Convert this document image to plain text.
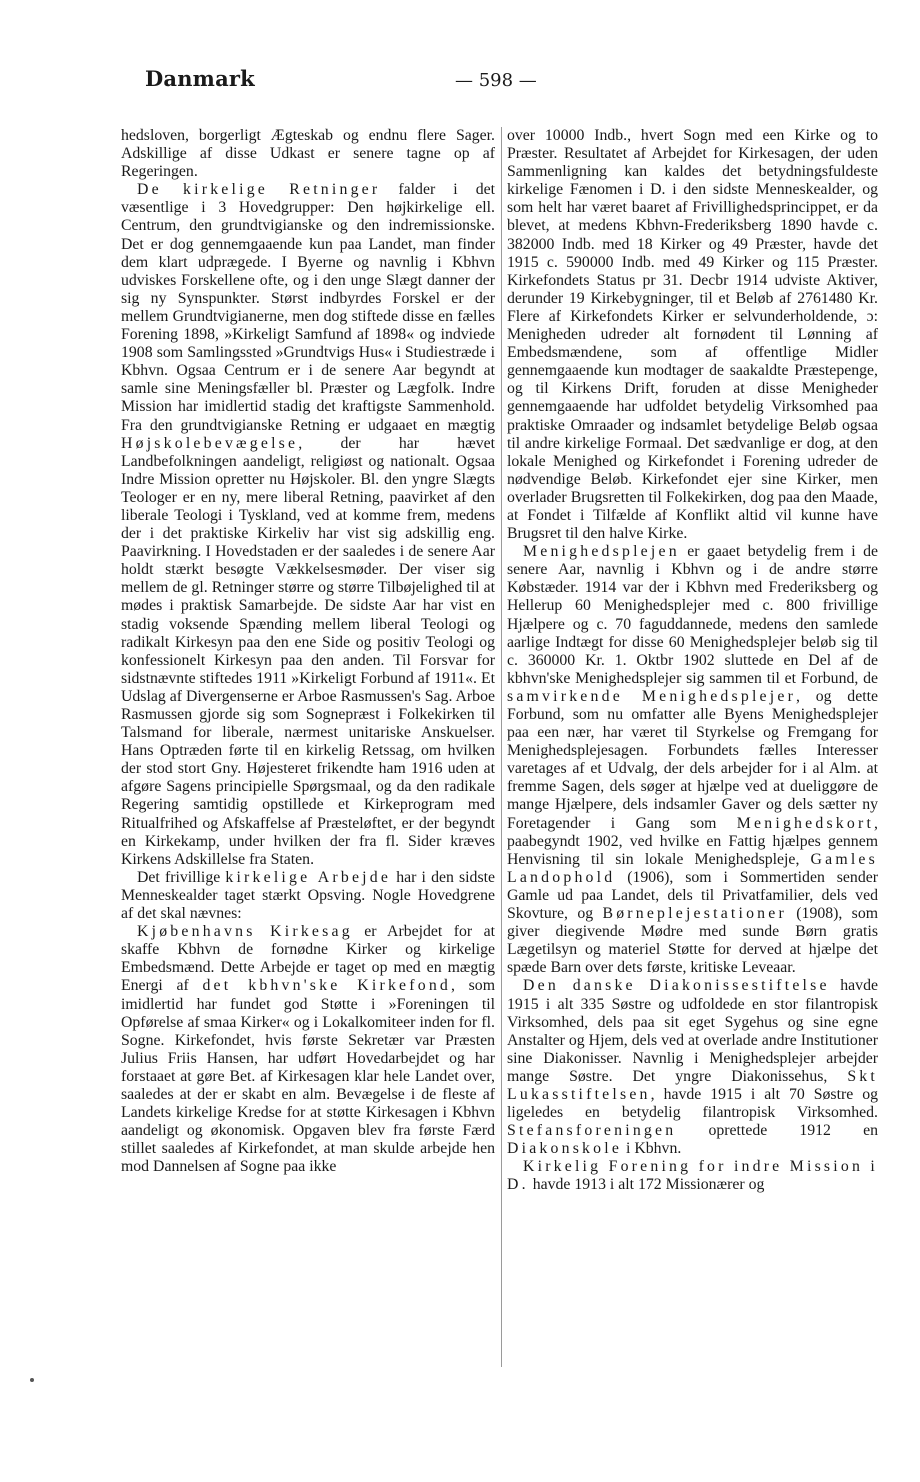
Danmark	— 598 —

hedsloven, borgerligt Ægteskab og endnu flere Sager. Adskillige af disse Udkast er senere tagne op af Regeringen.

De kirkelige Retninger falder i det væsentlige i 3 Hovedgrupper: Den højkirkelige ell. Centrum, den grundtvigianske og den indremissionske. Det er dog gennemgaaende kun paa Landet, man finder dem klart udprægede. I Byerne og navnlig i Kbhvn udviskes Forskellene ofte, og i den unge Slægt danner der sig ny Synspunkter. Størst indbyrdes Forskel er der mellem Grundtvigianerne, men dog stiftede disse en fælles Forening 1898, »Kirkeligt Samfund af 1898« og indviede 1908 som Samlingssted »Grundtvigs Hus« i Studiestræde i Kbhvn. Ogsaa Centrum er i de senere Aar begyndt at samle sine Meningsfæller bl. Præster og Lægfolk. Indre Mission har imidlertid stadig det kraftigste Sammenhold. Fra den grundtvigianske Retning er udgaaet en mægtig Højskolebevægelse, der har hævet Landbefolkningen aandeligt, religiøst og nationalt. Ogsaa Indre Mission opretter nu Højskoler. Bl. den yngre Slægts Teologer er en ny, mere liberal Retning, paavirket af den liberale Teologi i Tyskland, ved at komme frem, medens der i det praktiske Kirkeliv har vist sig adskillig eng. Paavirkning. I Hovedstaden er der saaledes i de senere Aar holdt stærkt besøgte Vækkelsesmøder. Der viser sig mellem de gl. Retninger større og større Tilbøjelighed til at mødes i praktisk Samarbejde. De sidste Aar har vist en stadig voksende Spænding mellem liberal Teologi og radikalt Kirkesyn paa den ene Side og positiv Teologi og konfessionelt Kirkesyn paa den anden. Til Forsvar for sidstnævnte stiftedes 1911 »Kirkeligt Forbund af 1911«. Et Udslag af Divergenserne er Arboe Rasmussen's Sag. Arboe Rasmussen gjorde sig som Sognepræst i Folkekirken til Talsmand for liberale, nærmest unitariske Anskuelser. Hans Optræden førte til en kirkelig Retssag, om hvilken der stod stort Gny. Højesteret frikendte ham 1916 uden at afgøre Sagens principielle Spørgsmaal, og da den radikale Regering samtidig opstillede et Kirkeprogram med Ritualfrihed og Afskaffelse af Præsteløftet, er der begyndt en Kirkekamp, under hvilken der fra fl. Sider kræves Kirkens Adskillelse fra Staten.

Det frivillige kirkelige Arbejde har i den sidste Menneskealder taget stærkt Opsving. Nogle Hovedgrene af det skal nævnes:

Kjøbenhavns Kirkesag er Arbejdet for at skaffe Kbhvn de fornødne Kirker og kirkelige Embedsmænd. Dette Arbejde er taget op med en mægtig Energi af det kbhvn'ske Kirkefond, som imidlertid har fundet god Støtte i »Foreningen til Opførelse af smaa Kirker« og i Lokalkomiteer inden for fl. Sogne. Kirkefondet, hvis første Sekretær var Præsten Julius Friis Hansen, har udført Hovedarbejdet og har forstaaet at gøre Bet. af Kirkesagen klar hele Landet over, saaledes at der er skabt en alm. Bevægelse i de fleste af Landets kirkelige Kredse for at støtte Kirkesagen i Kbhvn aandeligt og økonomisk. Opgaven blev fra første Færd stillet saaledes af Kirkefondet, at man skulde arbejde hen mod Dannelsen af Sogne paa ikke

over 10000 Indb., hvert Sogn med een Kirke og to Præster. Resultatet af Arbejdet for Kirkesagen, der uden Sammenligning kan kaldes det betydningsfuldeste kirkelige Fænomen i D. i den sidste Menneskealder, og som helt har været baaret af Frivillighedsprincippet, er da blevet, at medens Kbhvn-Frederiksberg 1890 havde c. 382000 Indb. med 18 Kirker og 49 Præster, havde det 1915 c. 590000 Indb. med 49 Kirker og 115 Præster. Kirkefondets Status pr 31. Decbr 1914 udviste Aktiver, derunder 19 Kirkebygninger, til et Beløb af 2761480 Kr. Flere af Kirkefondets Kirker er selvunderholdende, ɔ: Menigheden udreder alt fornødent til Lønning af Embedsmændene, som af offentlige Midler gennemgaaende kun modtager de saakaldte Præstepenge, og til Kirkens Drift, foruden at disse Menigheder gennemgaaende har udfoldet betydelig Virksomhed paa praktiske Omraader og indsamlet betydelige Beløb ogsaa til andre kirkelige Formaal. Det sædvanlige er dog, at den lokale Menighed og Kirkefondet i Forening udreder de nødvendige Beløb. Kirkefondet ejer sine Kirker, men overlader Brugsretten til Folkekirken, dog paa den Maade, at Fondet i Tilfælde af Konflikt altid vil kunne have Brugsret til den halve Kirke.

Menighedsplejen er gaaet betydelig frem i de senere Aar, navnlig i Kbhvn og i de andre større Købstæder. 1914 var der i Kbhvn med Frederiksberg og Hellerup 60 Menighedsplejer med c. 800 frivillige Hjælpere og c. 70 faguddannede, medens den samlede aarlige Indtægt for disse 60 Menighedsplejer beløb sig til c. 360000 Kr. 1. Oktbr 1902 sluttede en Del af de kbhvn'ske Menighedsplejer sig sammen til et Forbund, de samvirkende Menighedsplejer, og dette Forbund, som nu omfatter alle Byens Menighedsplejer paa een nær, har været til Styrkelse og Fremgang for Menighedsplejesagen. Forbundets fælles Interesser varetages af et Udvalg, der dels arbejder for i al Alm. at fremme Sagen, dels søger at hjælpe ved at dueliggøre de mange Hjælpere, dels indsamler Gaver og dels sætter ny Foretagender i Gang som Menighedskort, paabegyndt 1902, ved hvilke en Fattig hjælpes gennem Henvisning til sin lokale Menighedspleje, Gamles Landophold (1906), som i Sommertiden sender Gamle ud paa Landet, dels til Privatfamilier, dels ved Skovture, og Børneplejestationer (1908), som giver diegivende Mødre med sunde Børn gratis Lægetilsyn og materiel Støtte for derved at hjælpe det spæde Barn over dets første, kritiske Leveaar.

Den danske Diakonissestiftelse havde 1915 i alt 335 Søstre og udfoldede en stor filantropisk Virksomhed, dels paa sit eget Sygehus og sine egne Anstalter og Hjem, dels ved at overlade andre Institutioner sine Diakonisser. Navnlig i Menighedsplejer arbejder mange Søstre. Det yngre Diakonissehus, Skt Lukasstiftelsen, havde 1915 i alt 70 Søstre og ligeledes en betydelig filantropisk Virksomhed. Stefansforeningen oprettede 1912 en Diakonskole i Kbhvn.

Kirkelig Forening for indre Mission i D. havde 1913 i alt 172 Missionærer og
